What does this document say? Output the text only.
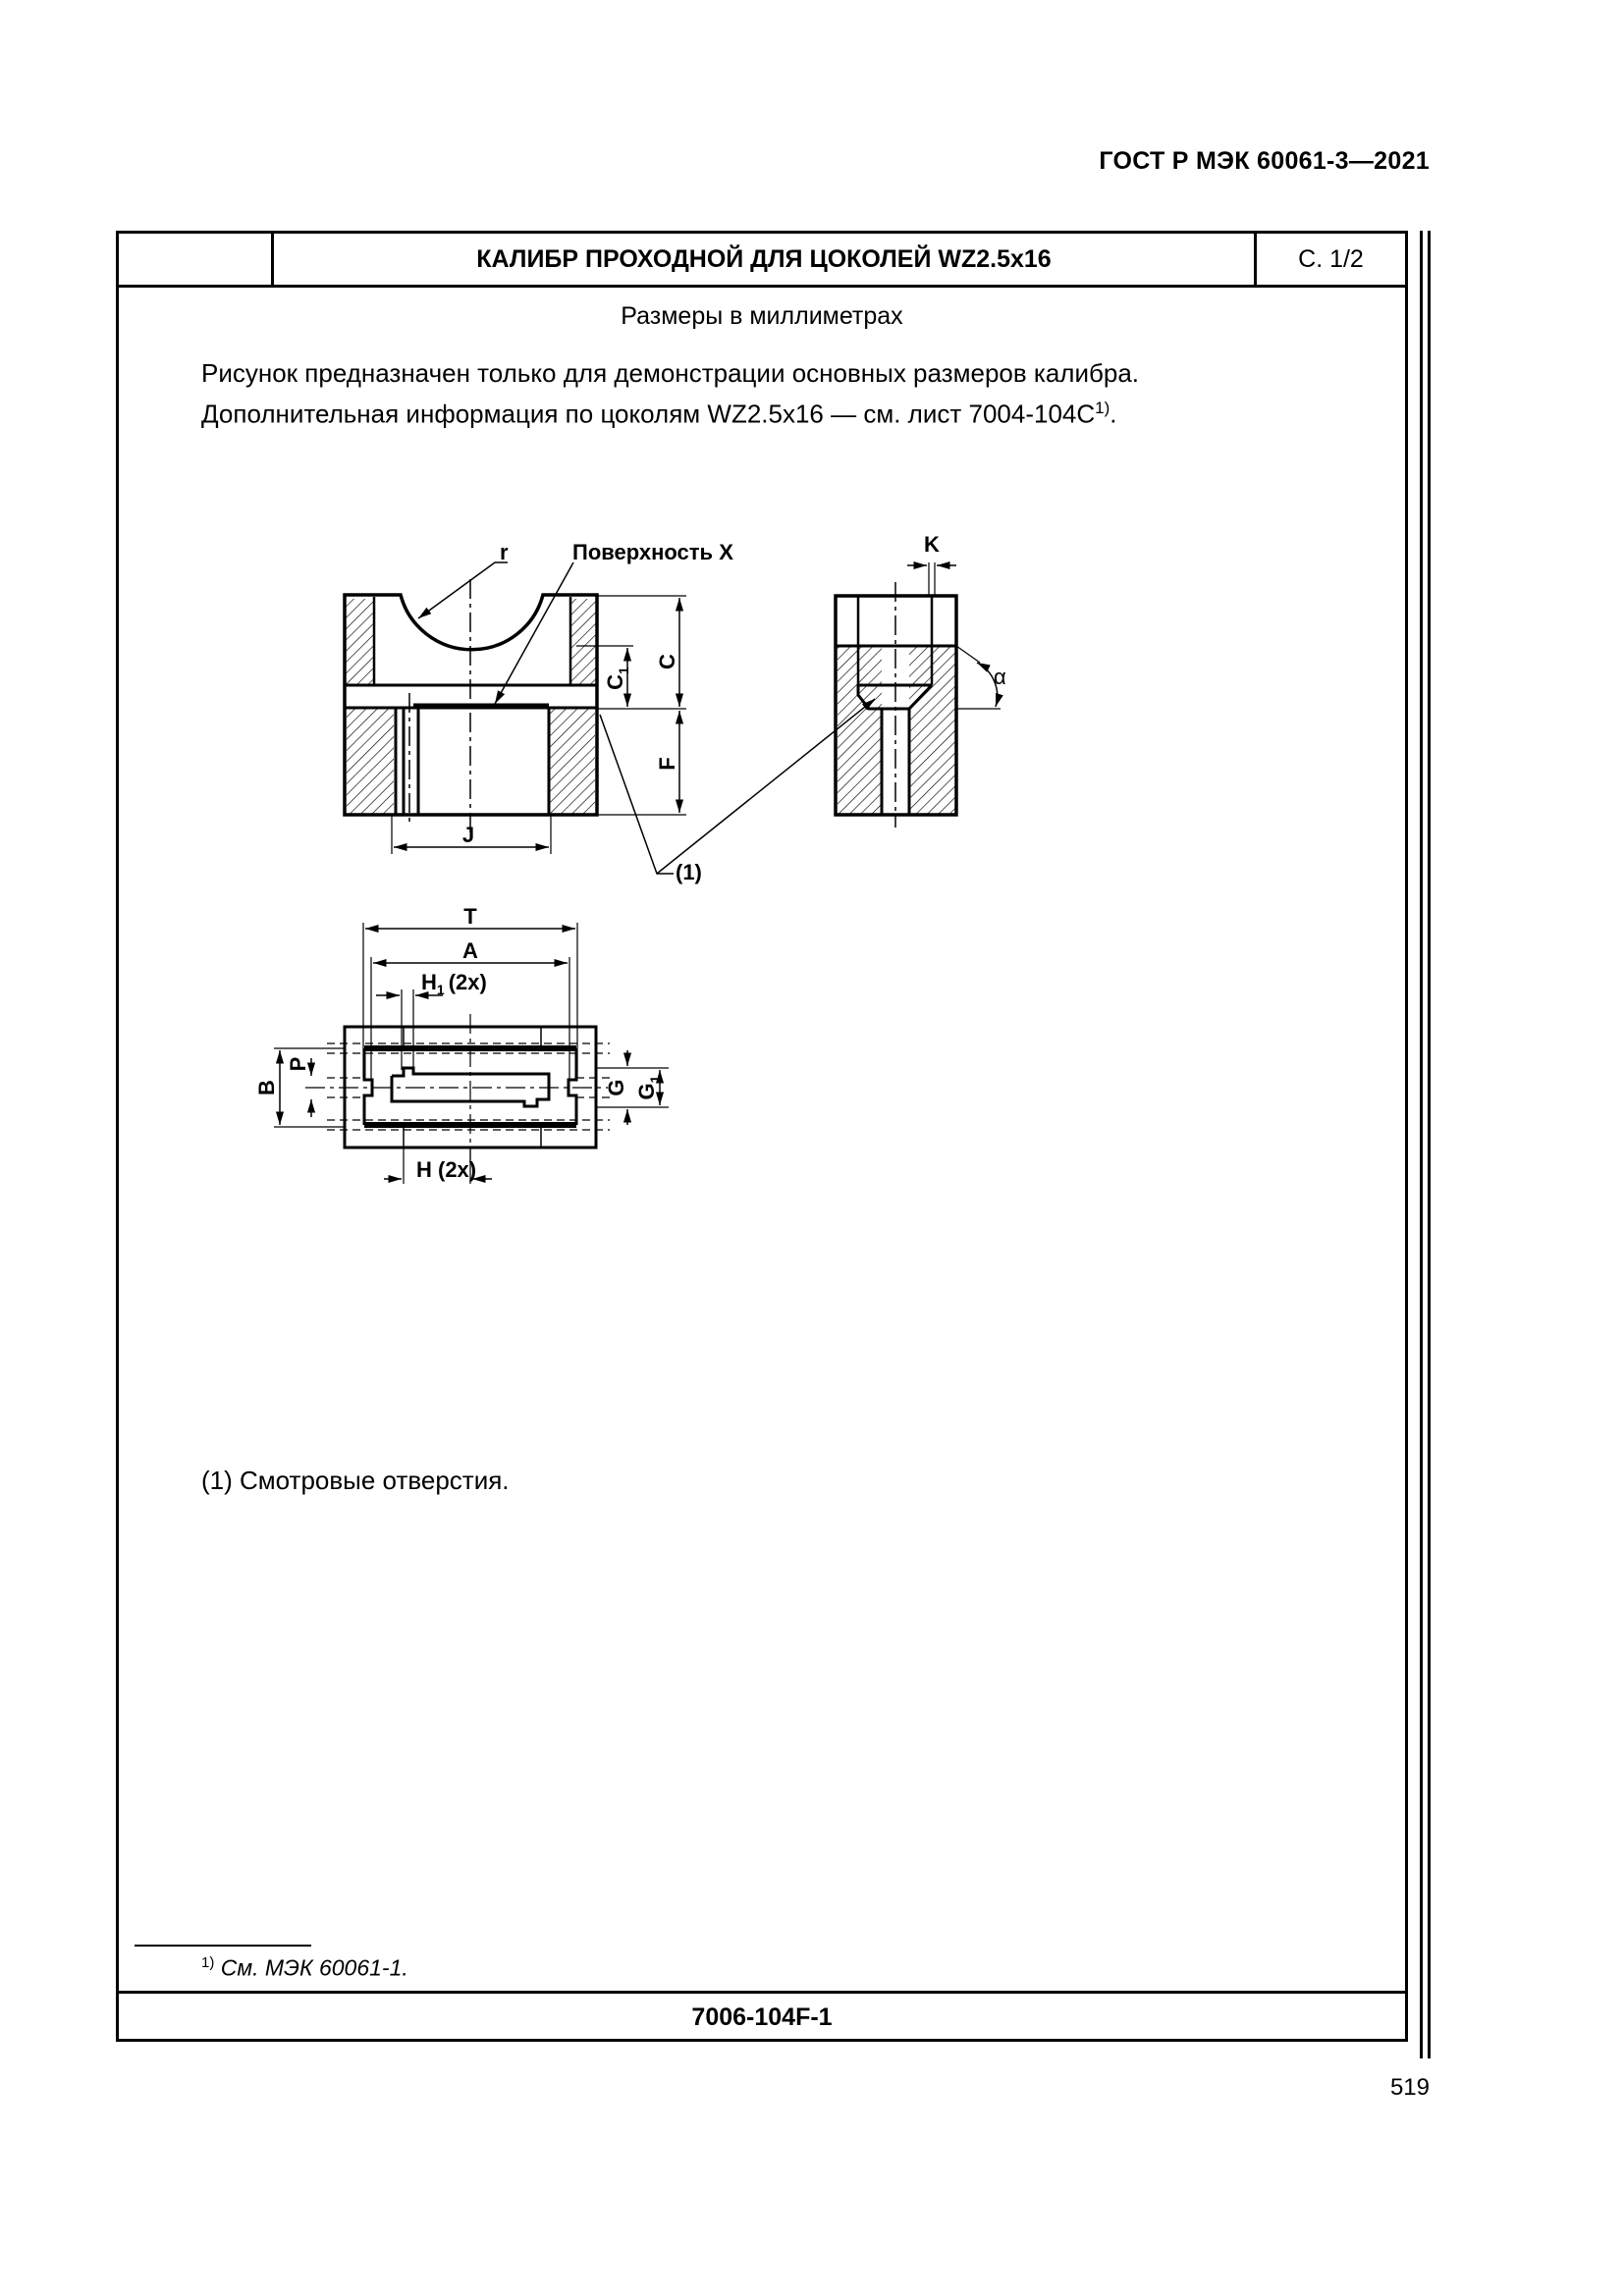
ГОСТ Р МЭК 60061-3—2021
КАЛИБР ПРОХОДНОЙ ДЛЯ ЦОКОЛЕЙ WZ2.5x16	С. 1/2
Размеры в миллиметрах
Рисунок предназначен только для демонстрации основных размеров калибра.
Дополнительная информация по цоколям WZ2.5x16 — см. лист $7004-104C^{1)}$.
r	Поверхность X
C
$C_1$
F
J
K
α
(1)
T
A
$H_1$ (2x)
H (2x)
B
P
G $G_1$
(1) Смотровые отверстия.
$^{1)}$ См. МЭК 60061-1.
7006-104F-1
519
